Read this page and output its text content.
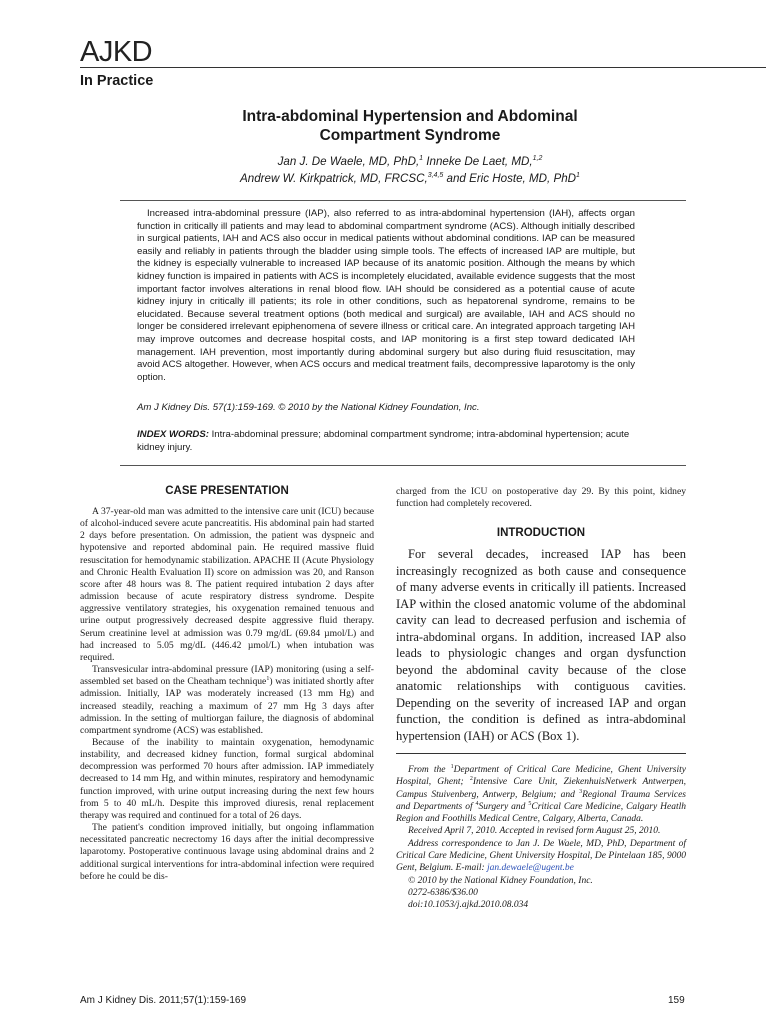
AJKD
In Practice
Intra-abdominal Hypertension and Abdominal
Compartment Syndrome
Jan J. De Waele, MD, PhD,$^1$ Inneke De Laet, MD,$^{1,2}$
Andrew W. Kirkpatrick, MD, FRCSC,$^{3,4,5}$ and Eric Hoste, MD, PhD$^1$
Increased intra-abdominal pressure (IAP), also referred to as intra-abdominal hypertension (IAH), affects organ function in critically ill patients and may lead to abdominal compartment syndrome (ACS). Although initially described in surgical patients, IAH and ACS also occur in medical patients without abdominal conditions. IAP can be measured easily and reliably in patients through the bladder using simple tools. The effects of increased IAP are multiple, but the kidney is especially vulnerable to increased IAP because of its anatomic position. Although the means by which kidney function is impaired in patients with ACS is incompletely elucidated, available evidence suggests that the most important factor involves alterations in renal blood flow. IAH should be considered as a potential cause of acute kidney injury in critically ill patients; its role in other conditions, such as hepatorenal syndrome, remains to be elucidated. Because several treatment options (both medical and surgical) are available, IAH and ACS should no longer be considered irrelevant epiphenomena of severe illness or critical care. An integrated approach targeting IAH may improve outcomes and decrease hospital costs, and IAP monitoring is a first step toward dedicated IAH management. IAH prevention, most importantly during abdominal surgery but also during fluid resuscitation, may avoid ACS altogether. However, when ACS occurs and medical treatment fails, decompressive laparotomy is the only option.
Am J Kidney Dis. 57(1):159-169. © 2010 by the National Kidney Foundation, Inc.
INDEX WORDS: Intra-abdominal pressure; abdominal compartment syndrome; intra-abdominal hypertension; acute kidney injury.
CASE PRESENTATION

A 37-year-old man was admitted to the intensive care unit (ICU) because of alcohol-induced severe acute pancreatitis. His abdominal pain had started 2 days before presentation. On admission, the patient was dyspneic and hypotensive and reported abdominal pain. He required massive fluid resuscitation for hemodynamic stabilization. APACHE II (Acute Physiology and Chronic Health Evaluation II) score on admission was 20, and Ranson score after 48 hours was 8. The patient required intubation 2 days after admission because of acute respiratory distress syndrome. Despite aggressive ventilatory strategies, his oxygenation remained tenuous and urine output progressively decreased despite aggressive fluid therapy. Serum creatinine level at admission was 0.79 mg/dL (69.84 µmol/L) and had increased to 5.05 mg/dL (446.42 µmol/L) when intubation was required.

Transvesicular intra-abdominal pressure (IAP) monitoring (using a self-assembled set based on the Cheatham technique$^1$) was initiated shortly after admission. Initially, IAP was moderately increased (13 mm Hg) and increased steadily, reaching a maximum of 27 mm Hg 3 days after admission. In the setting of multiorgan failure, the diagnosis of abdominal compartment syndrome (ACS) was established.

Because of the inability to maintain oxygenation, hemodynamic instability, and decreased kidney function, formal surgical abdominal decompression was performed 70 hours after admission. IAP immediately decreased to 14 mm Hg, and within minutes, respiratory and hemodynamic function improved, with urine output increasing during the next few hours from 5 to 40 mL/h. Despite this improved diuresis, renal replacement therapy was required and continued for a total of 26 days.

The patient's condition improved initially, but ongoing inflammation necessitated pancreatic necrectomy 16 days after the initial decompressive laparotomy. Postoperative continuous lavage using abdominal drains and 2 additional surgical interventions for intra-abdominal infection were required before he could be dis-

charged from the ICU on postoperative day 29. By this point, kidney function had completely recovered.

INTRODUCTION

For several decades, increased IAP has been increasingly recognized as both cause and consequence of many adverse events in critically ill patients. Increased IAP within the closed anatomic volume of the abdominal cavity can lead to decreased perfusion and ischemia of intra-abdominal organs. In addition, increased IAP also leads to physiologic changes and organ dysfunction beyond the abdominal cavity because of the close anatomic relationships with contiguous cavities. Depending on the severity of increased IAP and organ function, the condition is defined as intra-abdominal hypertension (IAH) or ACS (Box 1).

From the $^1$Department of Critical Care Medicine, Ghent University Hospital, Ghent; $^2$Intensive Care Unit, ZiekenhuisNetwerk Antwerpen, Campus Stuivenberg, Antwerp, Belgium; and $^3$Regional Trauma Services and Departments of $^4$Surgery and $^5$Critical Care Medicine, Calgary Heatlh Region and Foothills Medical Centre, Calgary, Alberta, Canada.

Received April 7, 2010. Accepted in revised form August 25, 2010.

Address correspondence to Jan J. De Waele, MD, PhD, Department of Critical Care Medicine, Ghent University Hospital, De Pintelaan 185, 9000 Gent, Belgium. E-mail: jan.dewaele@ugent.be

© 2010 by the National Kidney Foundation, Inc.

0272-6386/$36.00

doi:10.1053/j.ajkd.2010.08.034

Am J Kidney Dis. 2011;57(1):159-169	159
